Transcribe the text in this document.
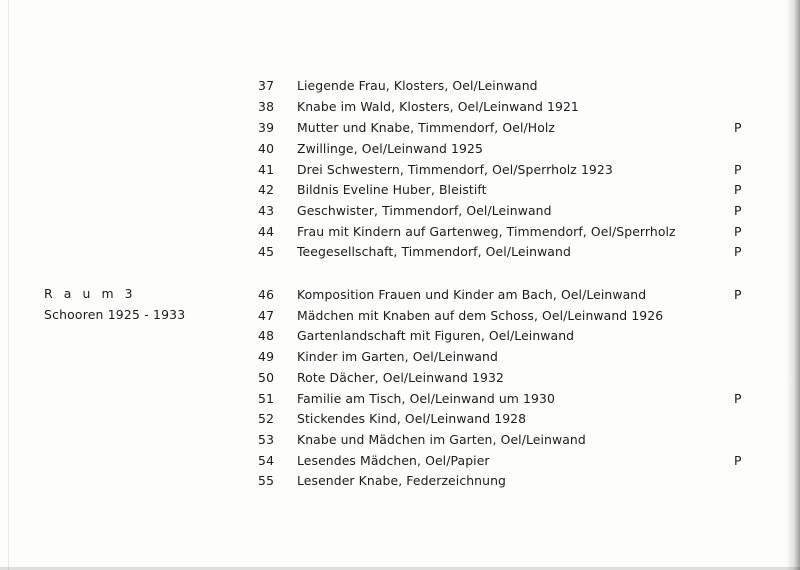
R a u m 3
Schooren 1925 - 1933
37	Liegende Frau, Klosters, Oel/Leinwand
38	Knabe im Wald, Klosters, Oel/Leinwand 1921
39	Mutter und Knabe, Timmendorf, Oel/Holz	P
40	Zwillinge, Oel/Leinwand 1925
41	Drei Schwestern, Timmendorf, Oel/Sperrholz 1923	P
42	Bildnis Eveline Huber, Bleistift	P
43	Geschwister, Timmendorf, Oel/Leinwand	P
44	Frau mit Kindern auf Gartenweg, Timmendorf, Oel/Sperrholz	P
45	Teegesellschaft, Timmendorf, Oel/Leinwand	P
46	Komposition Frauen und Kinder am Bach, Oel/Leinwand	P
47	Mädchen mit Knaben auf dem Schoss, Oel/Leinwand 1926
48	Gartenlandschaft mit Figuren, Oel/Leinwand
49	Kinder im Garten, Oel/Leinwand
50	Rote Dächer, Oel/Leinwand 1932
51	Familie am Tisch, Oel/Leinwand um 1930	P
52	Stickendes Kind, Oel/Leinwand 1928
53	Knabe und Mädchen im Garten, Oel/Leinwand
54	Lesendes Mädchen, Oel/Papier	P
55	Lesender Knabe, Federzeichnung
